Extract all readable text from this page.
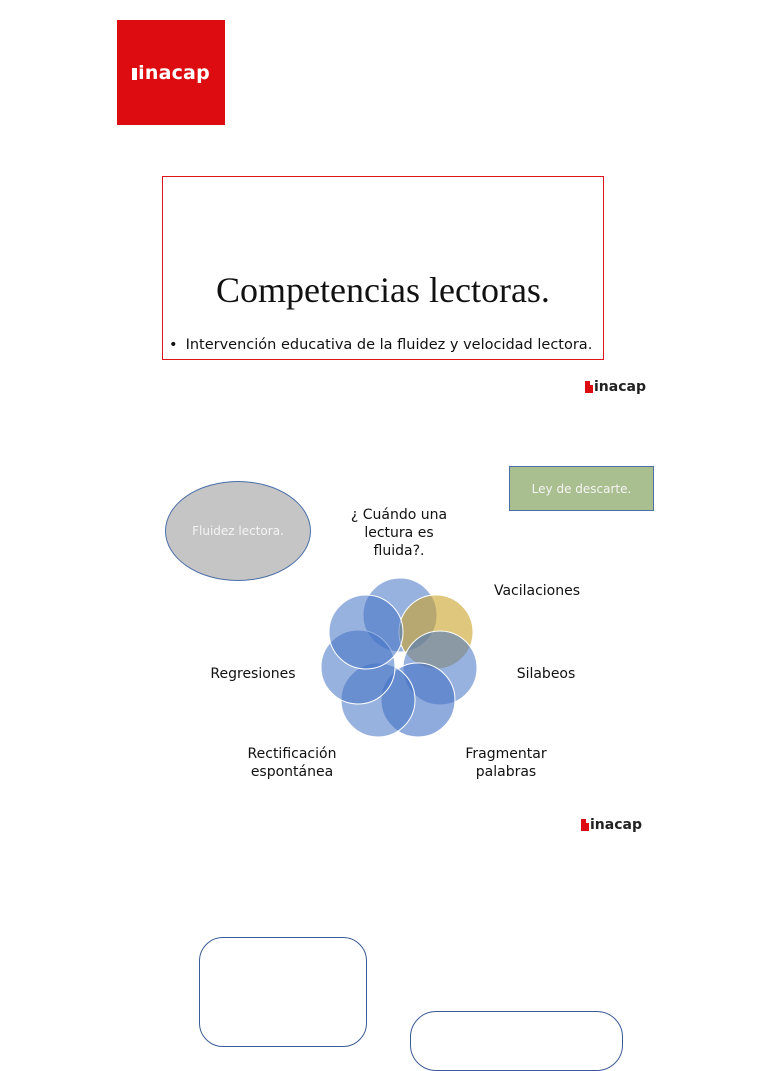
inacap
Competencias lectoras.
• Intervención educativa de la fluidez y velocidad lectora.
inacap
Fluidez lectora.
Ley de descarte.
¿ Cuándo una
lectura es
fluida?.
Vacilaciones
Silabeos
Fragmentar
palabras
Rectificación
espontánea
Regresiones
inacap
